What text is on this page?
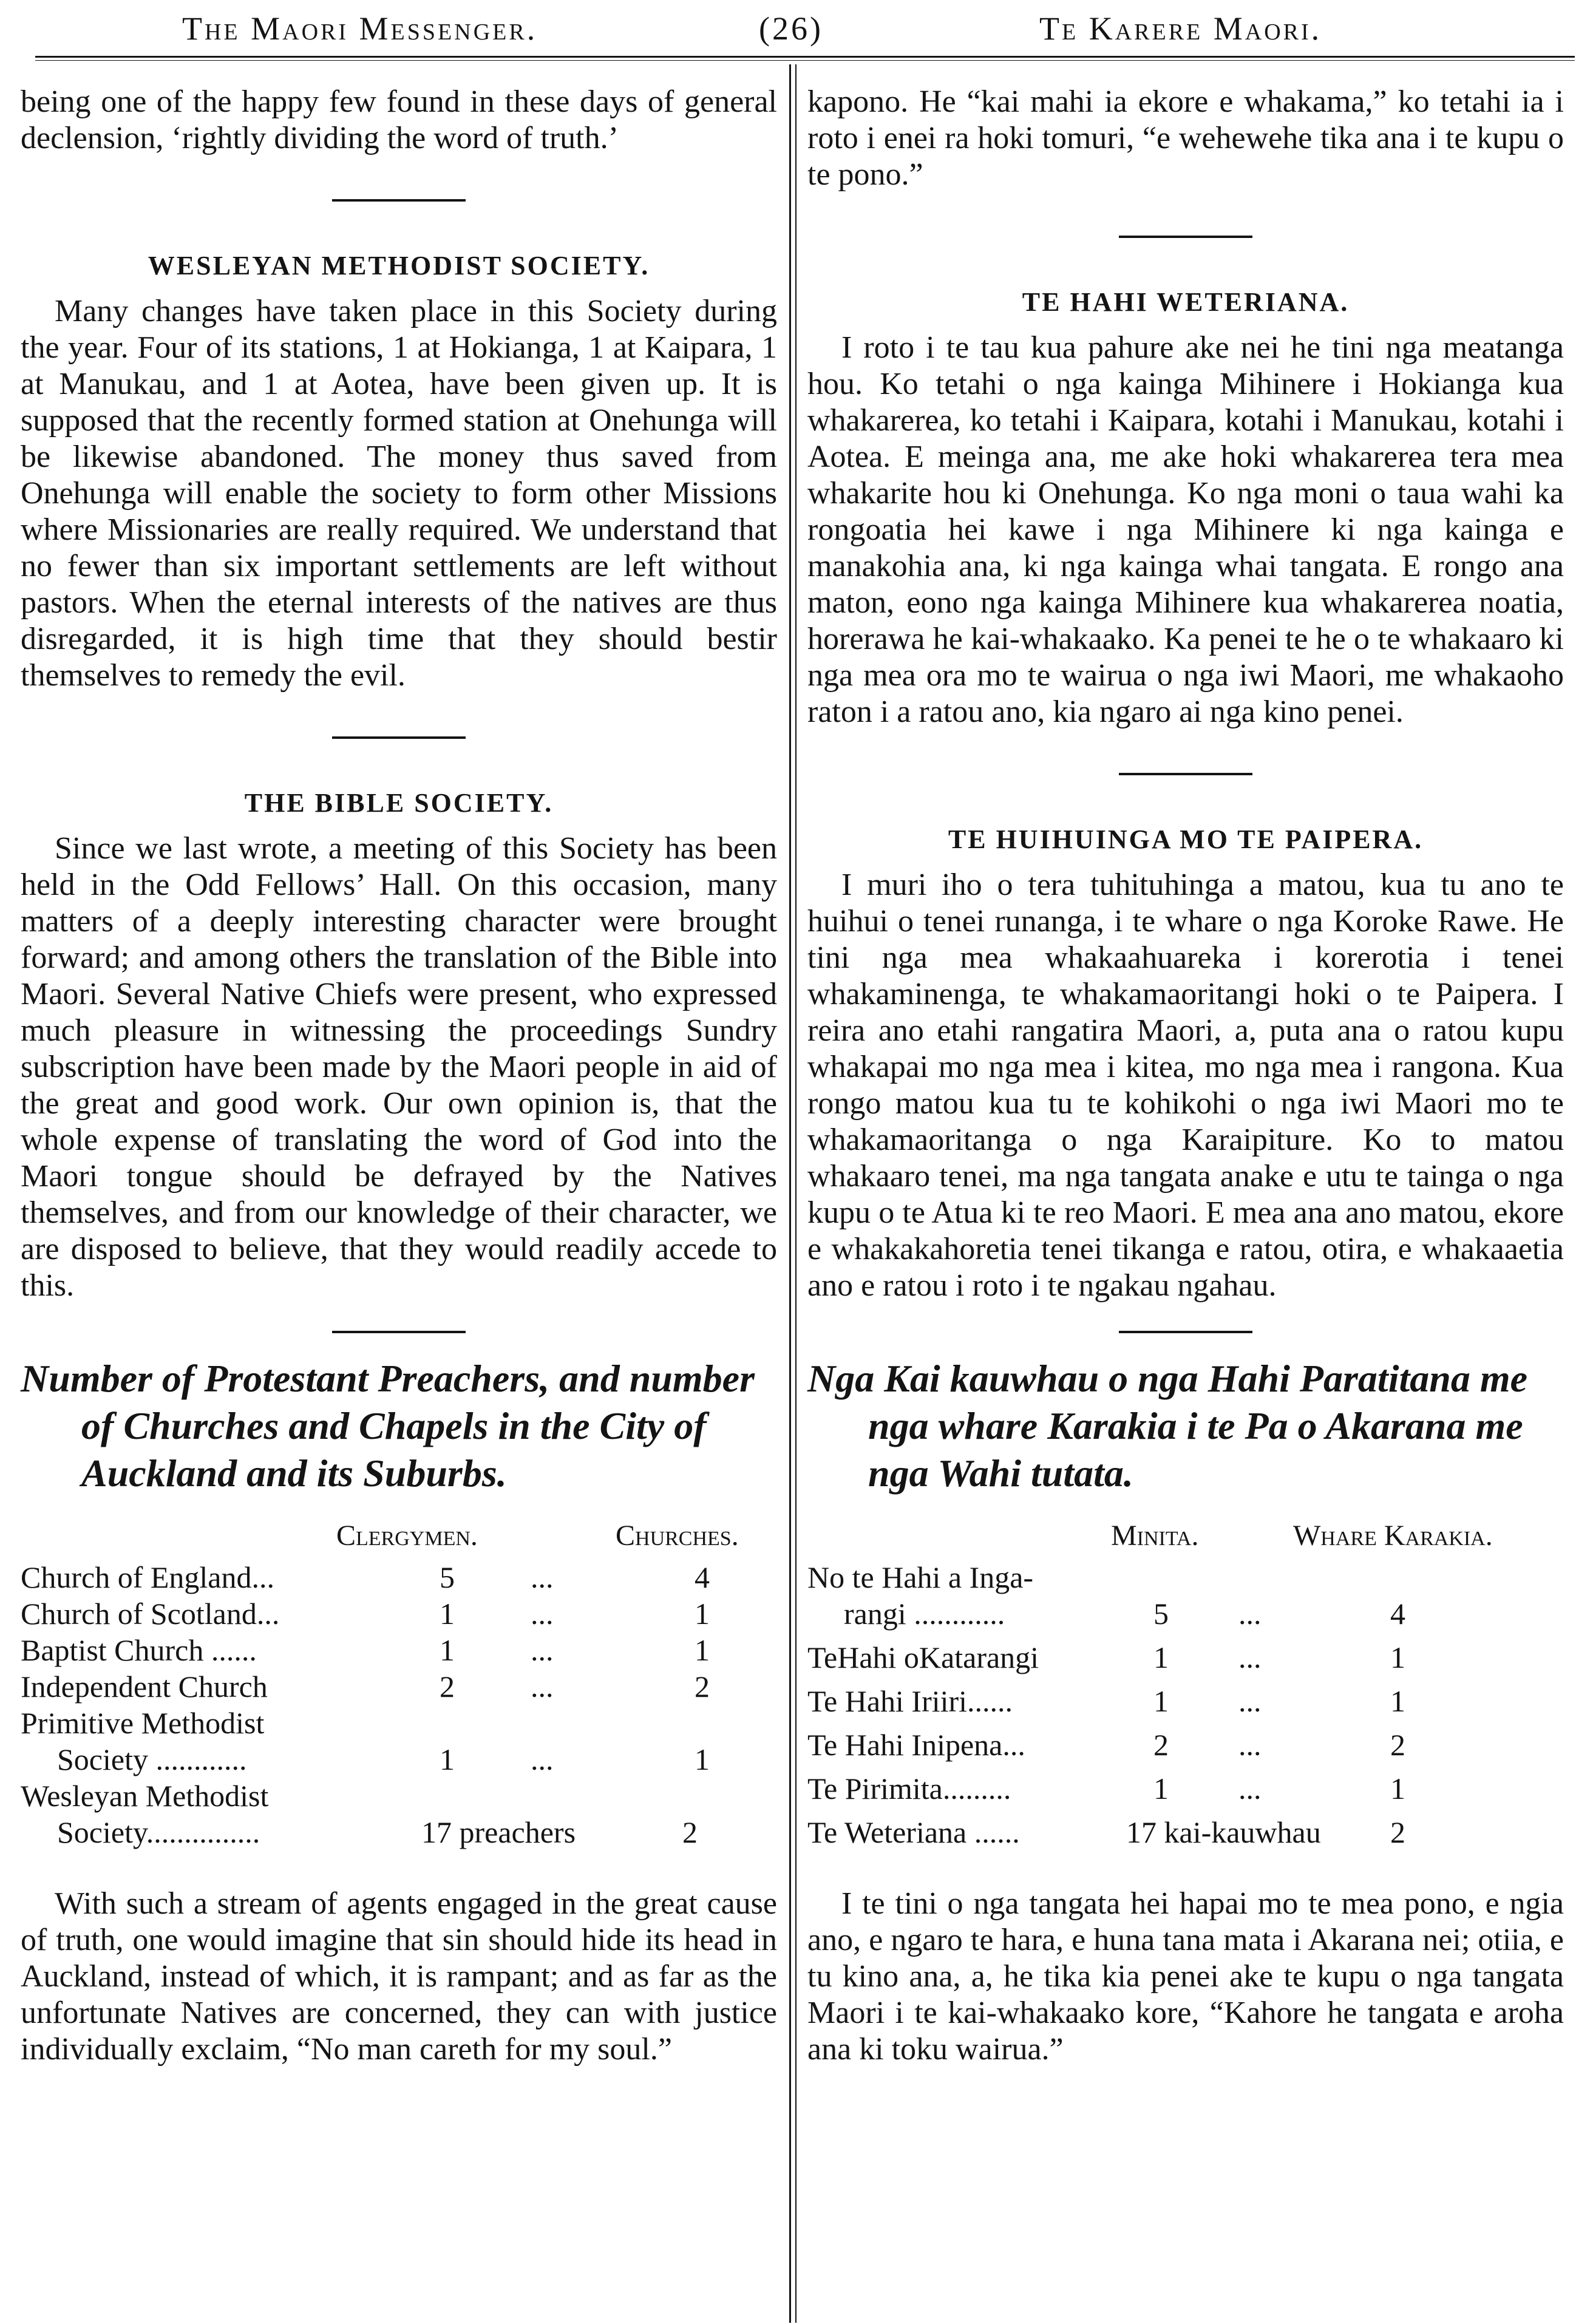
The Maori Messenger.	(26)	Te Karere Maori.

being one of the happy few found in these days of general declension, ‘rightly dividing the word of truth.’

WESLEYAN METHODIST SOCIETY.

Many changes have taken place in this Society during the year. Four of its stations, 1 at Hokianga, 1 at Kaipara, 1 at Manukau, and 1 at Aotea, have been given up. It is supposed that the recently formed station at Onehunga will be likewise abandoned. The money thus saved from Onehunga will enable the society to form other Missions where Missionaries are really required. We understand that no fewer than six important settlements are left without pastors. When the eternal interests of the natives are thus disregarded, it is high time that they should bestir themselves to remedy the evil.

THE BIBLE SOCIETY.

Since we last wrote, a meeting of this Society has been held in the Odd Fellows’ Hall. On this occasion, many matters of a deeply interesting character were brought forward; and among others the translation of the Bible into Maori. Several Native Chiefs were present, who expressed much pleasure in witnessing the proceedings Sundry subscription have been made by the Maori people in aid of the great and good work. Our own opinion is, that the whole expense of translating the word of God into the Maori tongue should be defrayed by the Natives themselves, and from our knowledge of their character, we are disposed to believe, that they would readily accede to this.

Number of Protestant Preachers, and number of Churches and Chapels in the City of Auckland and its Suburbs.
Clergymen.	Churches.
Church of England...	5	...	4
Church of Scotland...	1	...	1
Baptist Church ......	1	...	1
Independent Church	2	...	2
Primitive Methodist
Society ............	1	...	1
Wesleyan Methodist
Society...............	17 preachers	2

With such a stream of agents engaged in the great cause of truth, one would imagine that sin should hide its head in Auckland, instead of which, it is rampant; and as far as the unfortunate Natives are concerned, they can with justice individually exclaim, “No man careth for my soul.”

kapono. He “kai mahi ia ekore e whakama,” ko tetahi ia i roto i enei ra hoki tomuri, “e wehewehe tika ana i te kupu o te pono.”

TE HAHI WETERIANA.

I roto i te tau kua pahure ake nei he tini nga meatanga hou. Ko tetahi o nga kainga Mihinere i Hokianga kua whakarerea, ko tetahi i Kaipara, kotahi i Manukau, kotahi i Aotea. E meinga ana, me ake hoki whakarerea tera mea whakarite hou ki Onehunga. Ko nga moni o taua wahi ka rongoatia hei kawe i nga Mihinere ki nga kainga e manakohia ana, ki nga kainga whai tangata. E rongo ana maton, eono nga kainga Mihinere kua whakarerea noatia, horerawa he kai-whakaako. Ka penei te he o te whakaaro ki nga mea ora mo te wairua o nga iwi Maori, me whakaoho raton i a ratou ano, kia ngaro ai nga kino penei.

TE HUIHUINGA MO TE PAIPERA.

I muri iho o tera tuhituhinga a matou, kua tu ano te huihui o tenei runanga, i te whare o nga Koroke Rawe. He tini nga mea whakaahuareka i korerotia i tenei whakaminenga, te whakamaoritangi hoki o te Paipera. I reira ano etahi rangatira Maori, a, puta ana o ratou kupu whakapai mo nga mea i kitea, mo nga mea i rangona. Kua rongo matou kua tu te kohikohi o nga iwi Maori mo te whakamaoritanga o nga Karaipiture. Ko to matou whakaaro tenei, ma nga tangata anake e utu te tainga o nga kupu o te Atua ki te reo Maori. E mea ana ano matou, ekore e whakakahoretia tenei tikanga e ratou, otira, e whakaaetia ano e ratou i roto i te ngakau ngahau.

Nga Kai kauwhau o nga Hahi Paratitana me nga whare Karakia i te Pa o Akarana me nga Wahi tutata.
Minita.	Whare Karakia.
No te Hahi a Inga-
rangi ............	5 ...	4
TeHahi oKatarangi	1 ...	1
Te Hahi Iriiri......	1 ...	1
Te Hahi Inipena...	2 ...	2
Te Pirimita.........	1 ...	1
Te Weteriana ......	17 kai-kauwhau 2

I te tini o nga tangata hei hapai mo te mea pono, e ngia ano, e ngaro te hara, e huna tana mata i Akarana nei; otiia, e tu kino ana, a, he tika kia penei ake te kupu o nga tangata Maori i te kai-whakaako kore, “Kahore he tangata e aroha ana ki toku wairua.”
